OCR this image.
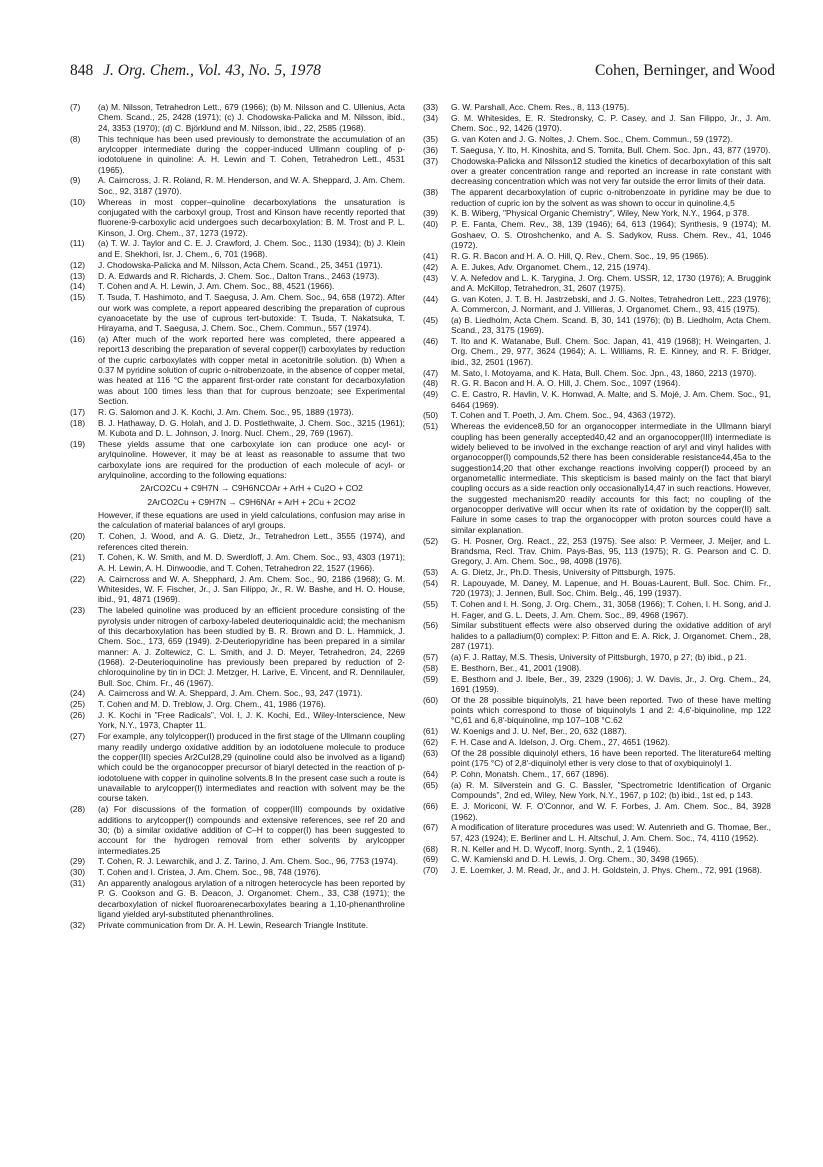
848 J. Org. Chem., Vol. 43, No. 5, 1978	Cohen, Berninger, and Wood
(7)	(a) M. Nilsson, Tetrahedron Lett., 679 (1966); (b) M. Nilsson and C. Ullenius, Acta Chem. Scand., 25, 2428 (1971); (c) J. Chodowska-Palicka and M. Nilsson, ibid., 24, 3353 (1970); (d) C. Björklund and M. Nilsson, ibid., 22, 2585 (1968).
(8)	This technique has been used previously to demonstrate the accumulation of an arylcopper intermediate during the copper-induced Ullmann coupling of p-iodotoluene in quinoline: A. H. Lewin and T. Cohen, Tetrahedron Lett., 4531 (1965).
(9)	A. Cairncross, J. R. Roland, R. M. Henderson, and W. A. Sheppard, J. Am. Chem. Soc., 92, 3187 (1970).
(10)	Whereas in most copper–quinoline decarboxylations the unsaturation is conjugated with the carboxyl group, Trost and Kinson have recently reported that fluorene-9-carboxylic acid undergoes such decarboxylation: B. M. Trost and P. L. Kinson, J. Org. Chem., 37, 1273 (1972).
(11)	(a) T. W. J. Taylor and C. E. J. Crawford, J. Chem. Soc., 1130 (1934); (b) J. Klein and E. Shekhori, Isr. J. Chem., 6, 701 (1968).
(12)	J. Chodowska-Palicka and M. Nilsson, Acta Chem. Scand., 25, 3451 (1971).
(13)	D. A. Edwards and R. Richards, J. Chem. Soc., Dalton Trans., 2463 (1973).
(14)	T. Cohen and A. H. Lewin, J. Am. Chem. Soc., 88, 4521 (1966).
(15)	T. Tsuda, T. Hashimoto, and T. Saegusa, J. Am. Chem. Soc., 94, 658 (1972). After our work was complete, a report appeared describing the preparation of cuprous cyanoacetate by the use of cuprous tert-butoxide: T. Tsuda, T. Nakatsuka, T. Hirayama, and T. Saegusa, J. Chem. Soc., Chem. Commun., 557 (1974).
(16)	(a) After much of the work reported here was completed, there appeared a report13 describing the preparation of several copper(I) carboxylates by reduction of the cupric carboxylates with copper metal in acetonitrile solution. (b) When a 0.37 M pyridine solution of cupric o-nitrobenzoate, in the absence of copper metal, was heated at 116 °C the apparent first-order rate constant for decarboxylation was about 100 times less than that for cuprous benzoate; see Experimental Section.
(17)	R. G. Salomon and J. K. Kochi, J. Am. Chem. Soc., 95, 1889 (1973).
(18)	B. J. Hathaway, D. G. Holah, and J. D. Postlethwaite, J. Chem. Soc., 3215 (1961); M. Kubota and D. L. Johnson, J. Inorg. Nucl. Chem., 29, 769 (1967).
(19)	These yields assume that one carboxylate ion can produce one acyl- or arylquinoline. However, it may be at least as reasonable to assume that two carboxylate ions are required for the production of each molecule of acyl- or arylquinoline, according to the following equations:
2ArCO2Cu + C9H7N → C9H6NCOAr + ArH + Cu2O + CO2
2ArCO2Cu + C9H7N → C9H6NAr + ArH + 2Cu + 2CO2
However, if these equations are used in yield calculations, confusion may arise in the calculation of material balances of aryl groups.
(20)	T. Cohen, J. Wood, and A. G. Dietz, Jr., Tetrahedron Lett., 3555 (1974), and references cited therein.
(21)	T. Cohen, K. W. Smith, and M. D. Swerdloff, J. Am. Chem. Soc., 93, 4303 (1971); A. H. Lewin, A. H. Dinwoodie, and T. Cohen, Tetrahedron 22, 1527 (1966).
(22)	A. Cairncross and W. A. Shepphard, J. Am. Chem. Soc., 90, 2186 (1968); G. M. Whitesides, W. F. Fischer, Jr., J. San Filippo, Jr., R. W. Bashe, and H. O. House, ibid., 91, 4871 (1969).
(23)	The labeled quinoline was produced by an efficient procedure consisting of the pyrolysis under nitrogen of carboxy-labeled deuterioquinaldic acid; the mechanism of this decarboxylation has been studied by B. R. Brown and D. L. Hammick, J. Chem. Soc., 173, 659 (1949). 2-Deuteriopyridine has been prepared in a similar manner: A. J. Zoltewicz, C. L. Smith, and J. D. Meyer, Tetrahedron, 24, 2269 (1968). 2-Deuterioquinoline has previously been prepared by reduction of 2-chloroquinoline by tin in DCl: J. Metzger, H. Larive, E. Vincent, and R. Dennilauler, Bull. Soc. Chim. Fr., 46 (1967).
(24)	A. Cairncross and W. A. Sheppard, J. Am. Chem. Soc., 93, 247 (1971).
(25)	T. Cohen and M. D. Treblow, J. Org. Chem., 41, 1986 (1976).
(26)	J. K. Kochi in "Free Radicals", Vol. I, J. K. Kochi, Ed., Wiley-Interscience, New York, N.Y., 1973, Chapter 11.
(27)	For example, any tolylcopper(I) produced in the first stage of the Ullmann coupling many readily undergo oxidative addition by an iodotoluene molecule to produce the copper(III) species Ar2CuI28,29 (quinoline could also be involved as a ligand) which could be the organocopper precursor of biaryl detected in the reaction of p-iodotoluene with copper in quinoline solvents.8 In the present case such a route is unavailable to arylcopper(I) intermediates and reaction with solvent may be the course taken.
(28)	(a) For discussions of the formation of copper(III) compounds by oxidative additions to arylcopper(I) compounds and extensive references, see ref 20 and 30; (b) a similar oxidative addition of C–H to copper(I) has been suggested to account for the hydrogen removal from ether solvents by arylcopper intermediates.25
(29)	T. Cohen, R. J. Lewarchik, and J. Z. Tarino, J. Am. Chem. Soc., 96, 7753 (1974).
(30)	T. Cohen and I. Cristea, J. Am. Chem. Soc., 98, 748 (1976).
(31)	An apparently analogous arylation of a nitrogen heterocycle has been reported by P. G. Cookson and G. B. Deacon, J. Organomet. Chem., 33, C38 (1971); the decarboxylation of nickel fluoroarenecarboxylates bearing a 1,10-phenanthroline ligand yielded aryl-substituted phenanthrolines.
(32)	Private communication from Dr. A. H. Lewin, Research Triangle Institute.
(33)	G. W. Parshall, Acc. Chem. Res., 8, 113 (1975).
(34)	G. M. Whitesides, E. R. Stedronsky, C. P. Casey, and J. San Filippo, Jr., J. Am. Chem. Soc., 92, 1426 (1970).
(35)	G. van Koten and J. G. Noltes, J. Chem. Soc., Chem. Commun., 59 (1972).
(36)	T. Saegusa, Y. Ito, H. Kinoshita, and S. Tomita, Bull. Chem. Soc. Jpn., 43, 877 (1970).
(37)	Chodowska-Palicka and Nilsson12 studied the kinetics of decarboxylation of this salt over a greater concentration range and reported an increase in rate constant with decreasing concentration which was not very far outside the error limits of their data.
(38)	The apparent decarboxylation of cupric o-nitrobenzoate in pyridine may be due to reduction of cupric ion by the solvent as was shown to occur in quinoline.4,5
(39)	K. B. Wiberg, "Physical Organic Chemistry", Wiley, New York, N.Y., 1964, p 378.
(40)	P. E. Fanta, Chem. Rev., 38, 139 (1946); 64, 613 (1964); Synthesis, 9 (1974); M. Goshaev, O. S. Otroshchenko, and A. S. Sadykov, Russ. Chem. Rev., 41, 1046 (1972).
(41)	R. G. R. Bacon and H. A. O. Hill, Q. Rev., Chem. Soc., 19, 95 (1965).
(42)	A. E. Jukes, Adv. Organomet. Chem., 12, 215 (1974).
(43)	V. A. Nefedov and L. K. Tarygina, J. Org. Chem. USSR, 12, 1730 (1976); A. Bruggink and A. McKillop, Tetrahedron, 31, 2607 (1975).
(44)	G. van Koten, J. T. B. H. Jastrzebski, and J. G. Noltes, Tetrahedron Lett., 223 (1976); A. Commercon, J. Normant, and J. Villieras, J. Organomet. Chem., 93, 415 (1975).
(45)	(a) B. Liedholm, Acta Chem. Scand. B, 30, 141 (1976); (b) B. Liedholm, Acta Chem. Scand., 23, 3175 (1969).
(46)	T. Ito and K. Watanabe, Bull. Chem. Soc. Japan, 41, 419 (1968); H. Weingarten, J. Org. Chem., 29, 977, 3624 (1964); A. L. Williams, R. E. Kinney, and R. F. Bridger, ibid., 32, 2501 (1967).
(47)	M. Sato, I. Motoyama, and K. Hata, Bull. Chem. Soc. Jpn., 43, 1860, 2213 (1970).
(48)	R. G. R. Bacon and H. A. O. Hill, J. Chem. Soc., 1097 (1964).
(49)	C. E. Castro, R. Havlin, V. K. Honwad, A. Malte, and S. Mojé, J. Am. Chem. Soc., 91, 6464 (1969).
(50)	T. Cohen and T. Poeth, J. Am. Chem. Soc., 94, 4363 (1972).
(51)	Whereas the evidence8,50 for an organocopper intermediate in the Ullmann biaryl coupling has been generally accepted40,42 and an organocopper(III) intermediate is widely believed to be involved in the exchange reaction of aryl and vinyl halides with organocopper(I) compounds,52 there has been considerable resistance44,45a to the suggestion14,20 that other exchange reactions involving copper(I) proceed by an organometallic intermediate. This skepticism is based mainly on the fact that biaryl coupling occurs as a side reaction only occasionally14,47 in such reactions. However, the suggested mechanism20 readily accounts for this fact; no coupling of the organocopper derivative will occur when its rate of oxidation by the copper(II) salt. Failure in some cases to trap the organocopper with proton sources could have a similar explanation.
(52)	G. H. Posner, Org. React., 22, 253 (1975). See also: P. Vermeer, J. Meijer, and L. Brandsma, Recl. Trav. Chim. Pays-Bas, 95, 113 (1975); R. G. Pearson and C. D. Gregory, J. Am. Chem. Soc., 98, 4098 (1976).
(53)	A. G. Dietz, Jr., Ph.D. Thesis, University of Pittsburgh, 1975.
(54)	R. Lapouyade, M. Daney, M. Lapenue, and H. Bouas-Laurent, Bull. Soc. Chim. Fr., 720 (1973); J. Jennen, Bull. Soc. Chim. Belg., 46, 199 (1937).
(55)	T. Cohen and I. H. Song, J. Org. Chem., 31, 3058 (1966); T. Cohen, I. H. Song, and J. H. Fager, and G. L. Deets, J. Am. Chem. Soc., 89, 4968 (1967).
(56)	Similar substituent effects were also observed during the oxidative addition of aryl halides to a palladium(0) complex: P. Fitton and E. A. Rick, J. Organomet. Chem., 28, 287 (1971).
(57)	(a) F. J. Rattay, M.S. Thesis, University of Pittsburgh, 1970, p 27; (b) ibid., p 21.
(58)	E. Besthorn, Ber., 41, 2001 (1908).
(59)	E. Besthorn and J. Ibele, Ber., 39, 2329 (1906); J. W. Davis, Jr., J. Org. Chem., 24, 1691 (1959).
(60)	Of the 28 possible biquinolyls, 21 have been reported. Two of these have melting points which correspond to those of biquinolyls 1 and 2: 4,6′-biquinoline, mp 122 °C,61 and 6,8′-biquinoline, mp 107–108 °C.62
(61)	W. Koenigs and J. U. Nef, Ber., 20, 632 (1887).
(62)	F. H. Case and A. Idelson, J. Org. Chem., 27, 4651 (1962).
(63)	Of the 28 possible diquinolyl ethers, 16 have been reported. The literature64 melting point (175 °C) of 2,8′-diquinolyl ether is very close to that of oxybiquinolyl 1.
(64)	P. Cohn, Monatsh. Chem., 17, 667 (1896).
(65)	(a) R. M. Silverstein and G. C. Bassler, "Spectrometric Identification of Organic Compounds", 2nd ed, Wiley, New York, N.Y., 1967, p 102; (b) ibid., 1st ed, p 143.
(66)	E. J. Moriconi, W. F. O'Connor, and W. F. Forbes, J. Am. Chem. Soc., 84, 3928 (1962).
(67)	A modification of literature procedures was used: W. Autenrieth and G. Thomae, Ber., 57, 423 (1924); E. Berliner and L. H. Altschul, J. Am. Chem. Soc., 74, 4110 (1952).
(68)	R. N. Keller and H. D. Wycoff, Inorg. Synth., 2, 1 (1946).
(69)	C. W. Kamienski and D. H. Lewis, J. Org. Chem., 30, 3498 (1965).
(70)	J. E. Loemker, J. M. Read, Jr., and J. H. Goldstein, J. Phys. Chem., 72, 991 (1968).
